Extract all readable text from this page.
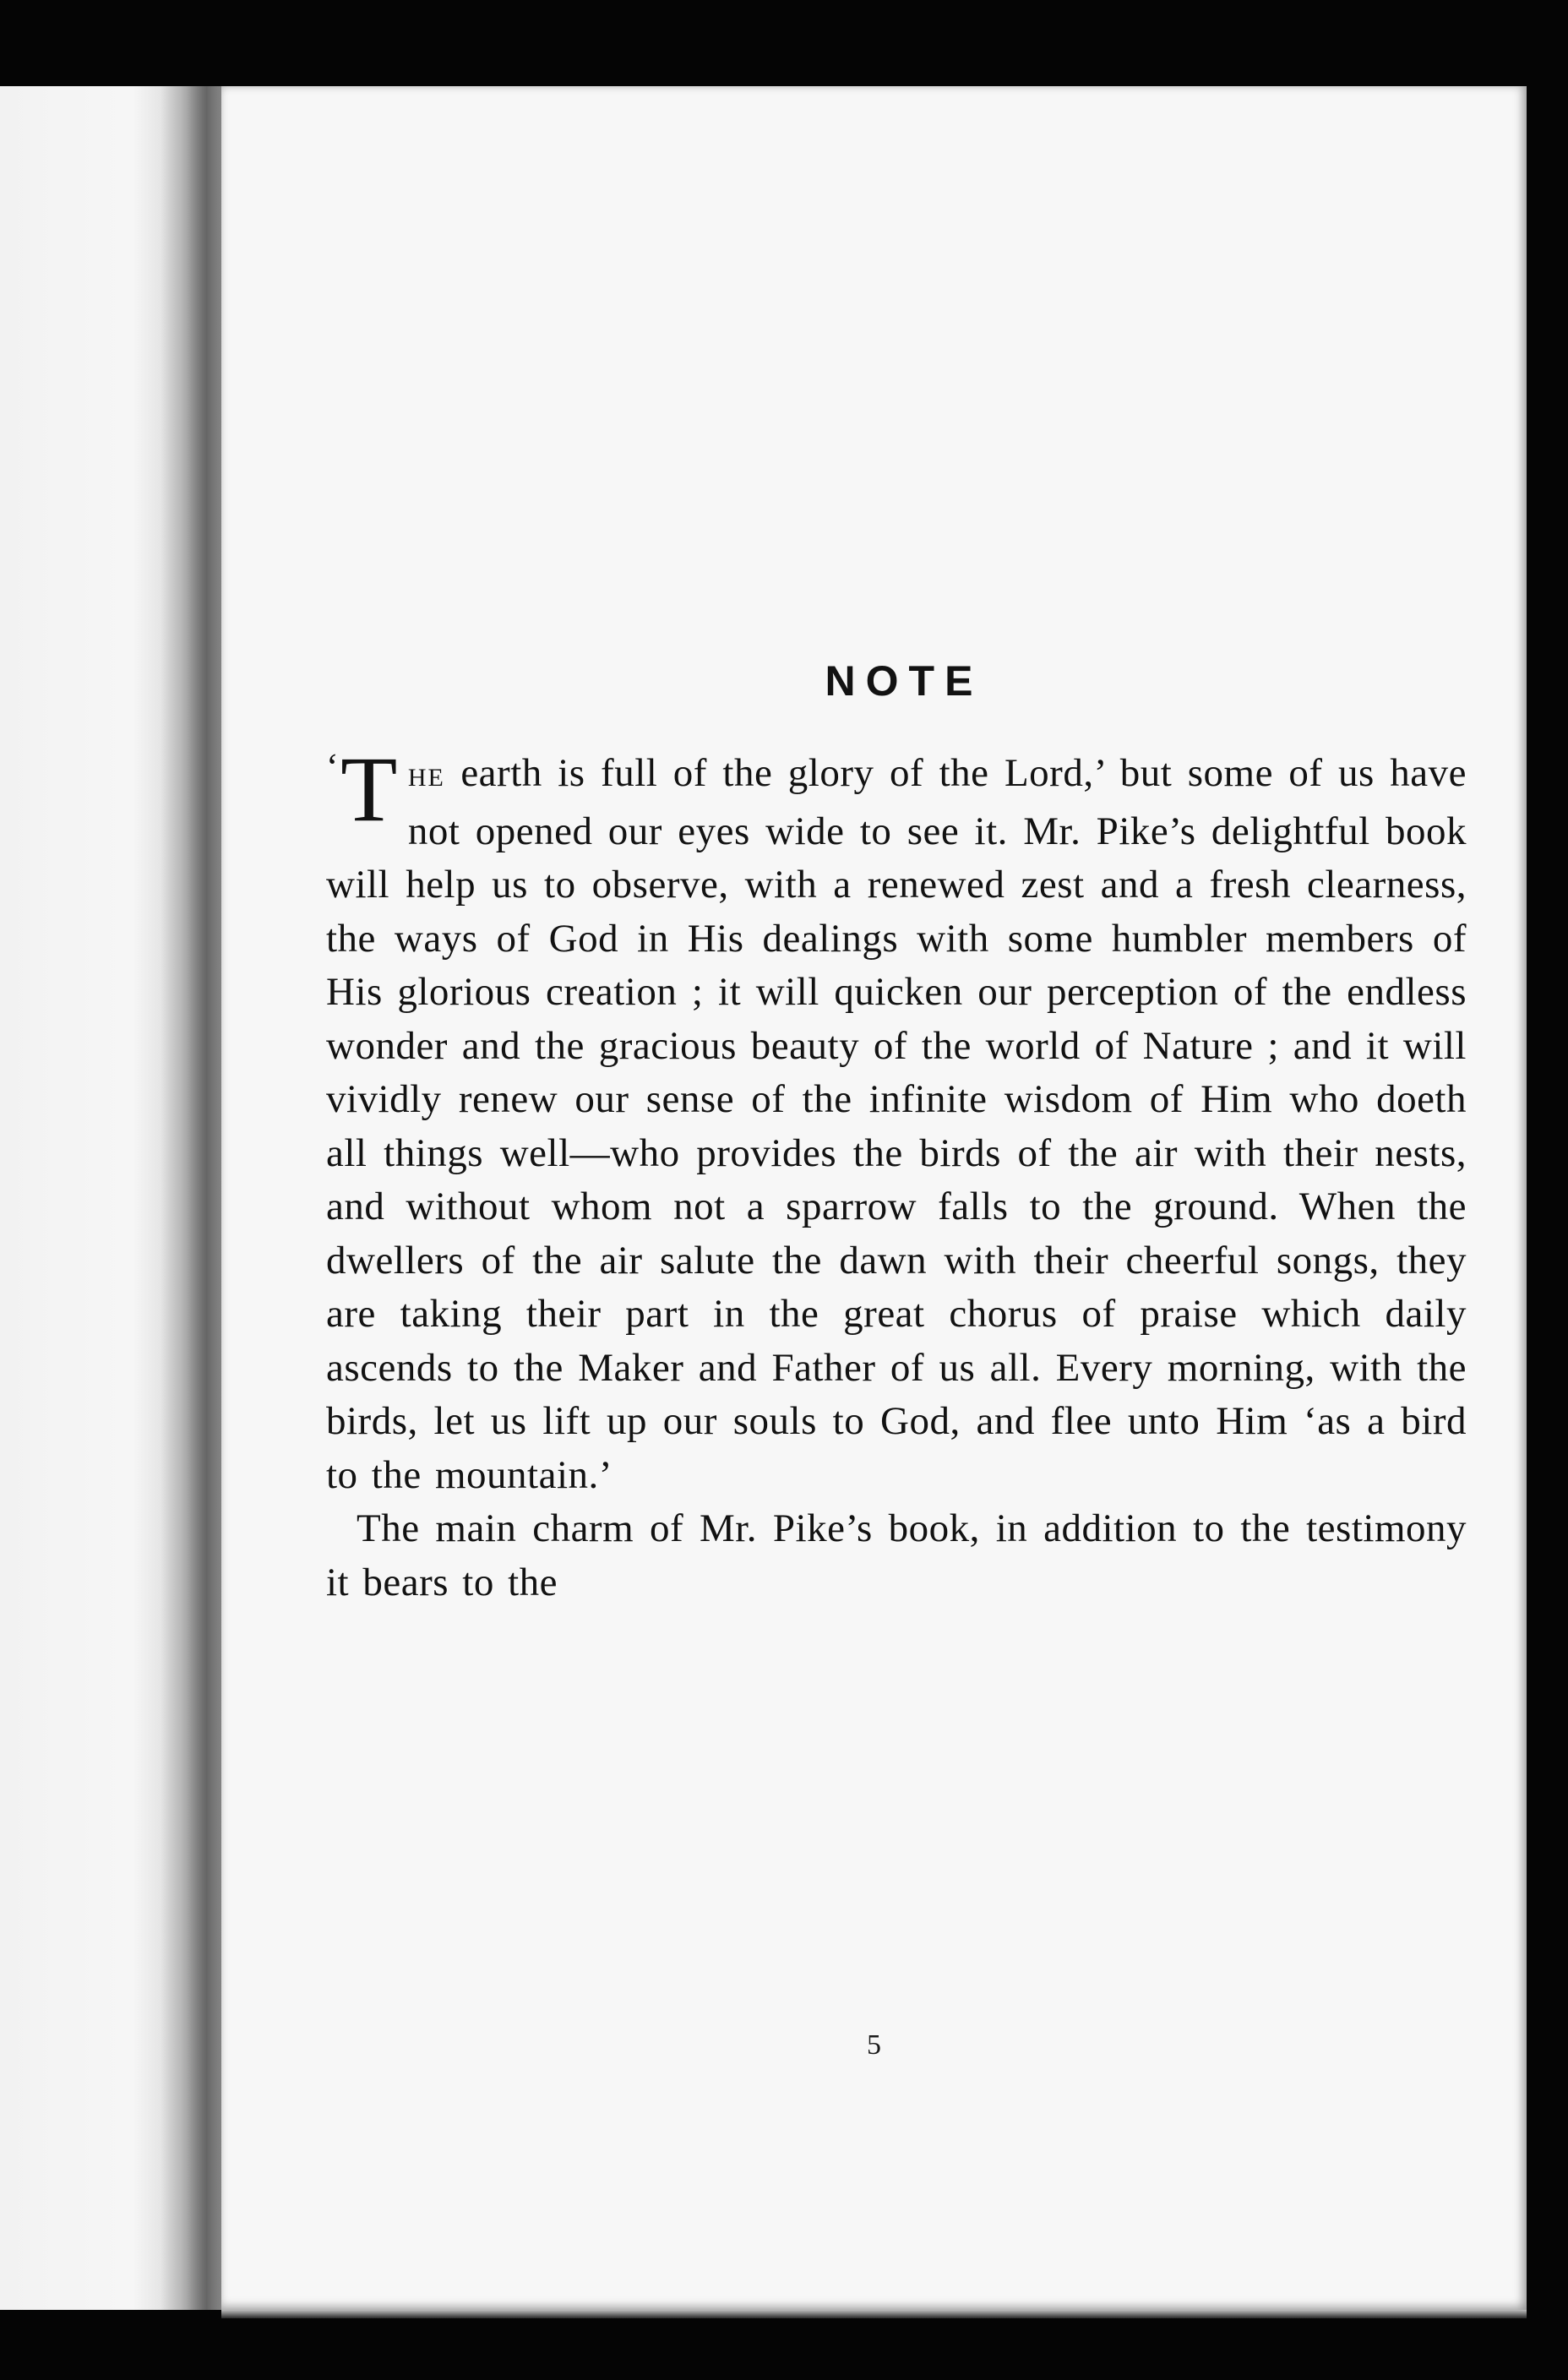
NOTE

‘ T HE earth is full of the glory of the Lord,’ but some of us have not opened our eyes wide to see it. Mr. Pike’s delightful book will help us to observe, with a renewed zest and a fresh clearness, the ways of God in His dealings with some humbler members of His glorious creation ; it will quicken our perception of the endless wonder and the gracious beauty of the world of Nature ; and it will vividly renew our sense of the infinite wisdom of Him who doeth all things well—who provides the birds of the air with their nests, and without whom not a sparrow falls to the ground. When the dwellers of the air salute the dawn with their cheerful songs, they are taking their part in the great chorus of praise which daily ascends to the Maker and Father of us all. Every morning, with the birds, let us lift up our souls to God, and flee unto Him ‘as a bird to the mountain.’

The main charm of Mr. Pike’s book, in addition to the testimony it bears to the

5
